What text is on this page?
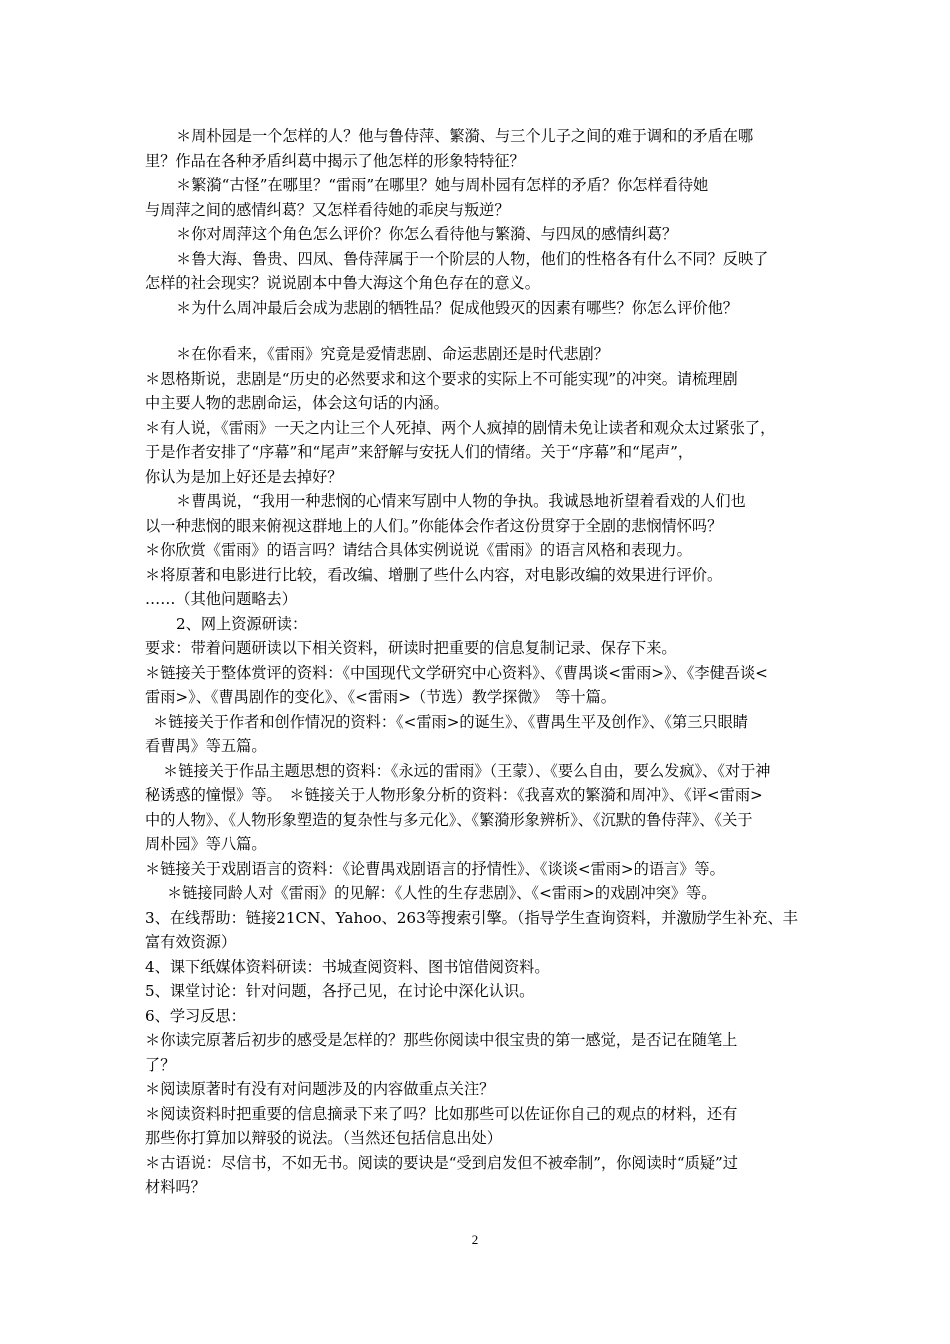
＊周朴园是一个怎样的人？他与鲁侍萍、繁漪、与三个儿子之间的难于调和的矛盾在哪
里？作品在各种矛盾纠葛中揭示了他怎样的形象特特征？
＊繁漪“古怪”在哪里？“雷雨”在哪里？她与周朴园有怎样的矛盾？你怎样看待她
与周萍之间的感情纠葛？又怎样看待她的乖戾与叛逆？
＊你对周萍这个角色怎么评价？你怎么看待他与繁漪、与四凤的感情纠葛？
＊鲁大海、鲁贵、四凤、鲁侍萍属于一个阶层的人物，他们的性格各有什么不同？反映了
怎样的社会现实？说说剧本中鲁大海这个角色存在的意义。
＊为什么周冲最后会成为悲剧的牺牲品？促成他毁灭的因素有哪些？你怎么评价他？
＊在你看来，《雷雨》究竟是爱情悲剧、命运悲剧还是时代悲剧？
＊恩格斯说，悲剧是“历史的必然要求和这个要求的实际上不可能实现”的冲突。请梳理剧
中主要人物的悲剧命运，体会这句话的内涵。
＊有人说，《雷雨》一天之内让三个人死掉、两个人疯掉的剧情未免让读者和观众太过紧张了，
于是作者安排了“序幕”和“尾声”来舒解与安抚人们的情绪。关于“序幕”和“尾声”，
你认为是加上好还是去掉好？
＊曹禺说，“我用一种悲悯的心情来写剧中人物的争执。我诚恳地祈望着看戏的人们也
以一种悲悯的眼来俯视这群地上的人们。”你能体会作者这份贯穿于全剧的悲悯情怀吗？
＊你欣赏《雷雨》的语言吗？请结合具体实例说说《雷雨》的语言风格和表现力。
＊将原著和电影进行比较，看改编、增删了些什么内容，对电影改编的效果进行评价。
……（其他问题略去）
2、网上资源研读：
要求：带着问题研读以下相关资料，研读时把重要的信息复制记录、保存下来。
＊链接关于整体赏评的资料：《中国现代文学研究中心资料》、《曹禺谈<雷雨>》、《李健吾谈<
雷雨>》、《曹禺剧作的变化》、《<雷雨>（节选）教学探微》　等十篇。
＊链接关于作者和创作情况的资料：《<雷雨>的诞生》、《曹禺生平及创作》、《第三只眼睛
看曹禺》等五篇。
＊链接关于作品主题思想的资料：《永远的雷雨》（王蒙）、《要么自由，要么发疯》、《对于神
秘诱惑的憧憬》等。　＊链接关于人物形象分析的资料：《我喜欢的繁漪和周冲》、《评<雷雨>
中的人物》、《人物形象塑造的复杂性与多元化》、《繁漪形象辨析》、《沉默的鲁侍萍》、《关于
周朴园》等八篇。
＊链接关于戏剧语言的资料：《论曹禺戏剧语言的抒情性》、《谈谈<雷雨>的语言》等。
＊链接同龄人对《雷雨》的见解：《人性的生存悲剧》、《<雷雨>的戏剧冲突》等。
3、在线帮助：链接21CN、Yahoo、263等搜索引擎。（指导学生查询资料，并激励学生补充、丰
富有效资源）
4、课下纸媒体资料研读：书城查阅资料、图书馆借阅资料。
5、课堂讨论：针对问题，各抒己见，在讨论中深化认识。
6、学习反思：
＊你读完原著后初步的感受是怎样的？那些你阅读中很宝贵的第一感觉，是否记在随笔上
了？
＊阅读原著时有没有对问题涉及的内容做重点关注？
＊阅读资料时把重要的信息摘录下来了吗？比如那些可以佐证你自己的观点的材料，还有
那些你打算加以辩驳的说法。（当然还包括信息出处）
＊古语说：尽信书，不如无书。阅读的要诀是“受到启发但不被牵制”，你阅读时“质疑”过
材料吗？
2
